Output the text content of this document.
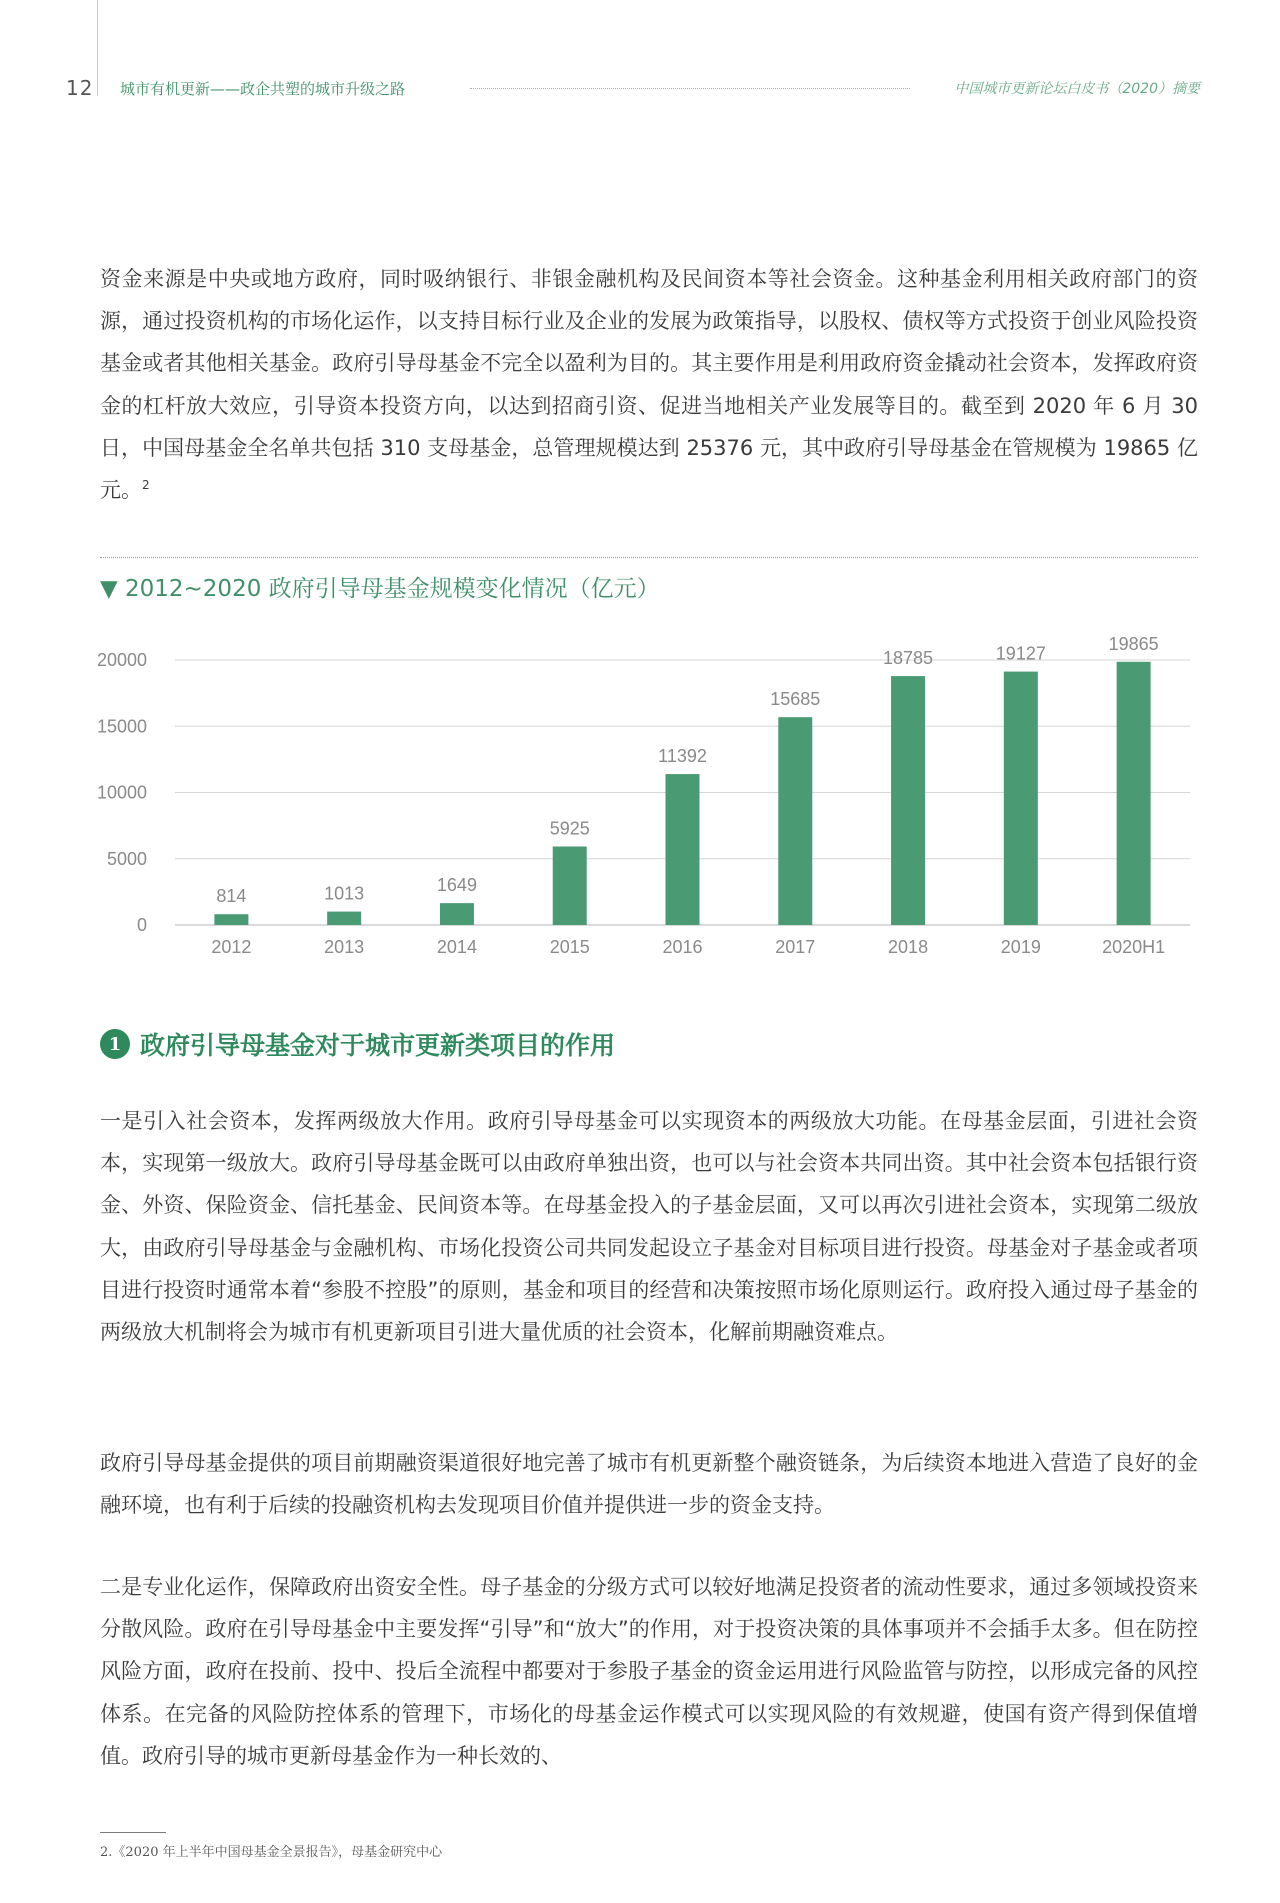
12 城市有机更新——政企共塑的城市升级之路	中国城市更新论坛白皮书（2020）摘要

资金来源是中央或地方政府，同时吸纳银行、非银金融机构及民间资本等社会资金。这种基金利用相关政府部门的资源，通过投资机构的市场化运作，以支持目标行业及企业的发展为政策指导，以股权、债权等方式投资于创业风险投资基金或者其他相关基金。政府引导母基金不完全以盈利为目的。其主要作用是利用政府资金撬动社会资本，发挥政府资金的杠杆放大效应，引导资本投资方向，以达到招商引资、促进当地相关产业发展等目的。截至到 2020 年 6 月 30 日，中国母基金全名单共包括 310 支母基金，总管理规模达到 25376 元，其中政府引导母基金在管规模为 19865 亿元。$^2$

▼ 2012~2020 政府引导母基金规模变化情况（亿元）
0
5000
10000
15000
20000
814
2012
1013
2013
1649
2014
5925
2015
11392
2016
15685
2017
18785
2018
19127
2019
19865
2020H1
1 政府引导母基金对于城市更新类项目的作用

一是引入社会资本，发挥两级放大作用。政府引导母基金可以实现资本的两级放大功能。在母基金层面，引进社会资本，实现第一级放大。政府引导母基金既可以由政府单独出资，也可以与社会资本共同出资。其中社会资本包括银行资金、外资、保险资金、信托基金、民间资本等。在母基金投入的子基金层面，又可以再次引进社会资本，实现第二级放大，由政府引导母基金与金融机构、市场化投资公司共同发起设立子基金对目标项目进行投资。母基金对子基金或者项目进行投资时通常本着“参股不控股”的原则，基金和项目的经营和决策按照市场化原则运行。政府投入通过母子基金的两级放大机制将会为城市有机更新项目引进大量优质的社会资本，化解前期融资难点。

政府引导母基金提供的项目前期融资渠道很好地完善了城市有机更新整个融资链条，为后续资本地进入营造了良好的金融环境，也有利于后续的投融资机构去发现项目价值并提供进一步的资金支持。

二是专业化运作，保障政府出资安全性。母子基金的分级方式可以较好地满足投资者的流动性要求，通过多领域投资来分散风险。政府在引导母基金中主要发挥“引导”和“放大”的作用，对于投资决策的具体事项并不会插手太多。但在防控风险方面，政府在投前、投中、投后全流程中都要对于参股子基金的资金运用进行风险监管与防控，以形成完备的风控体系。在完备的风险防控体系的管理下，市场化的母基金运作模式可以实现风险的有效规避，使国有资产得到保值增值。政府引导的城市更新母基金作为一种长效的、

2.《2020 年上半年中国母基金全景报告》，母基金研究中心
